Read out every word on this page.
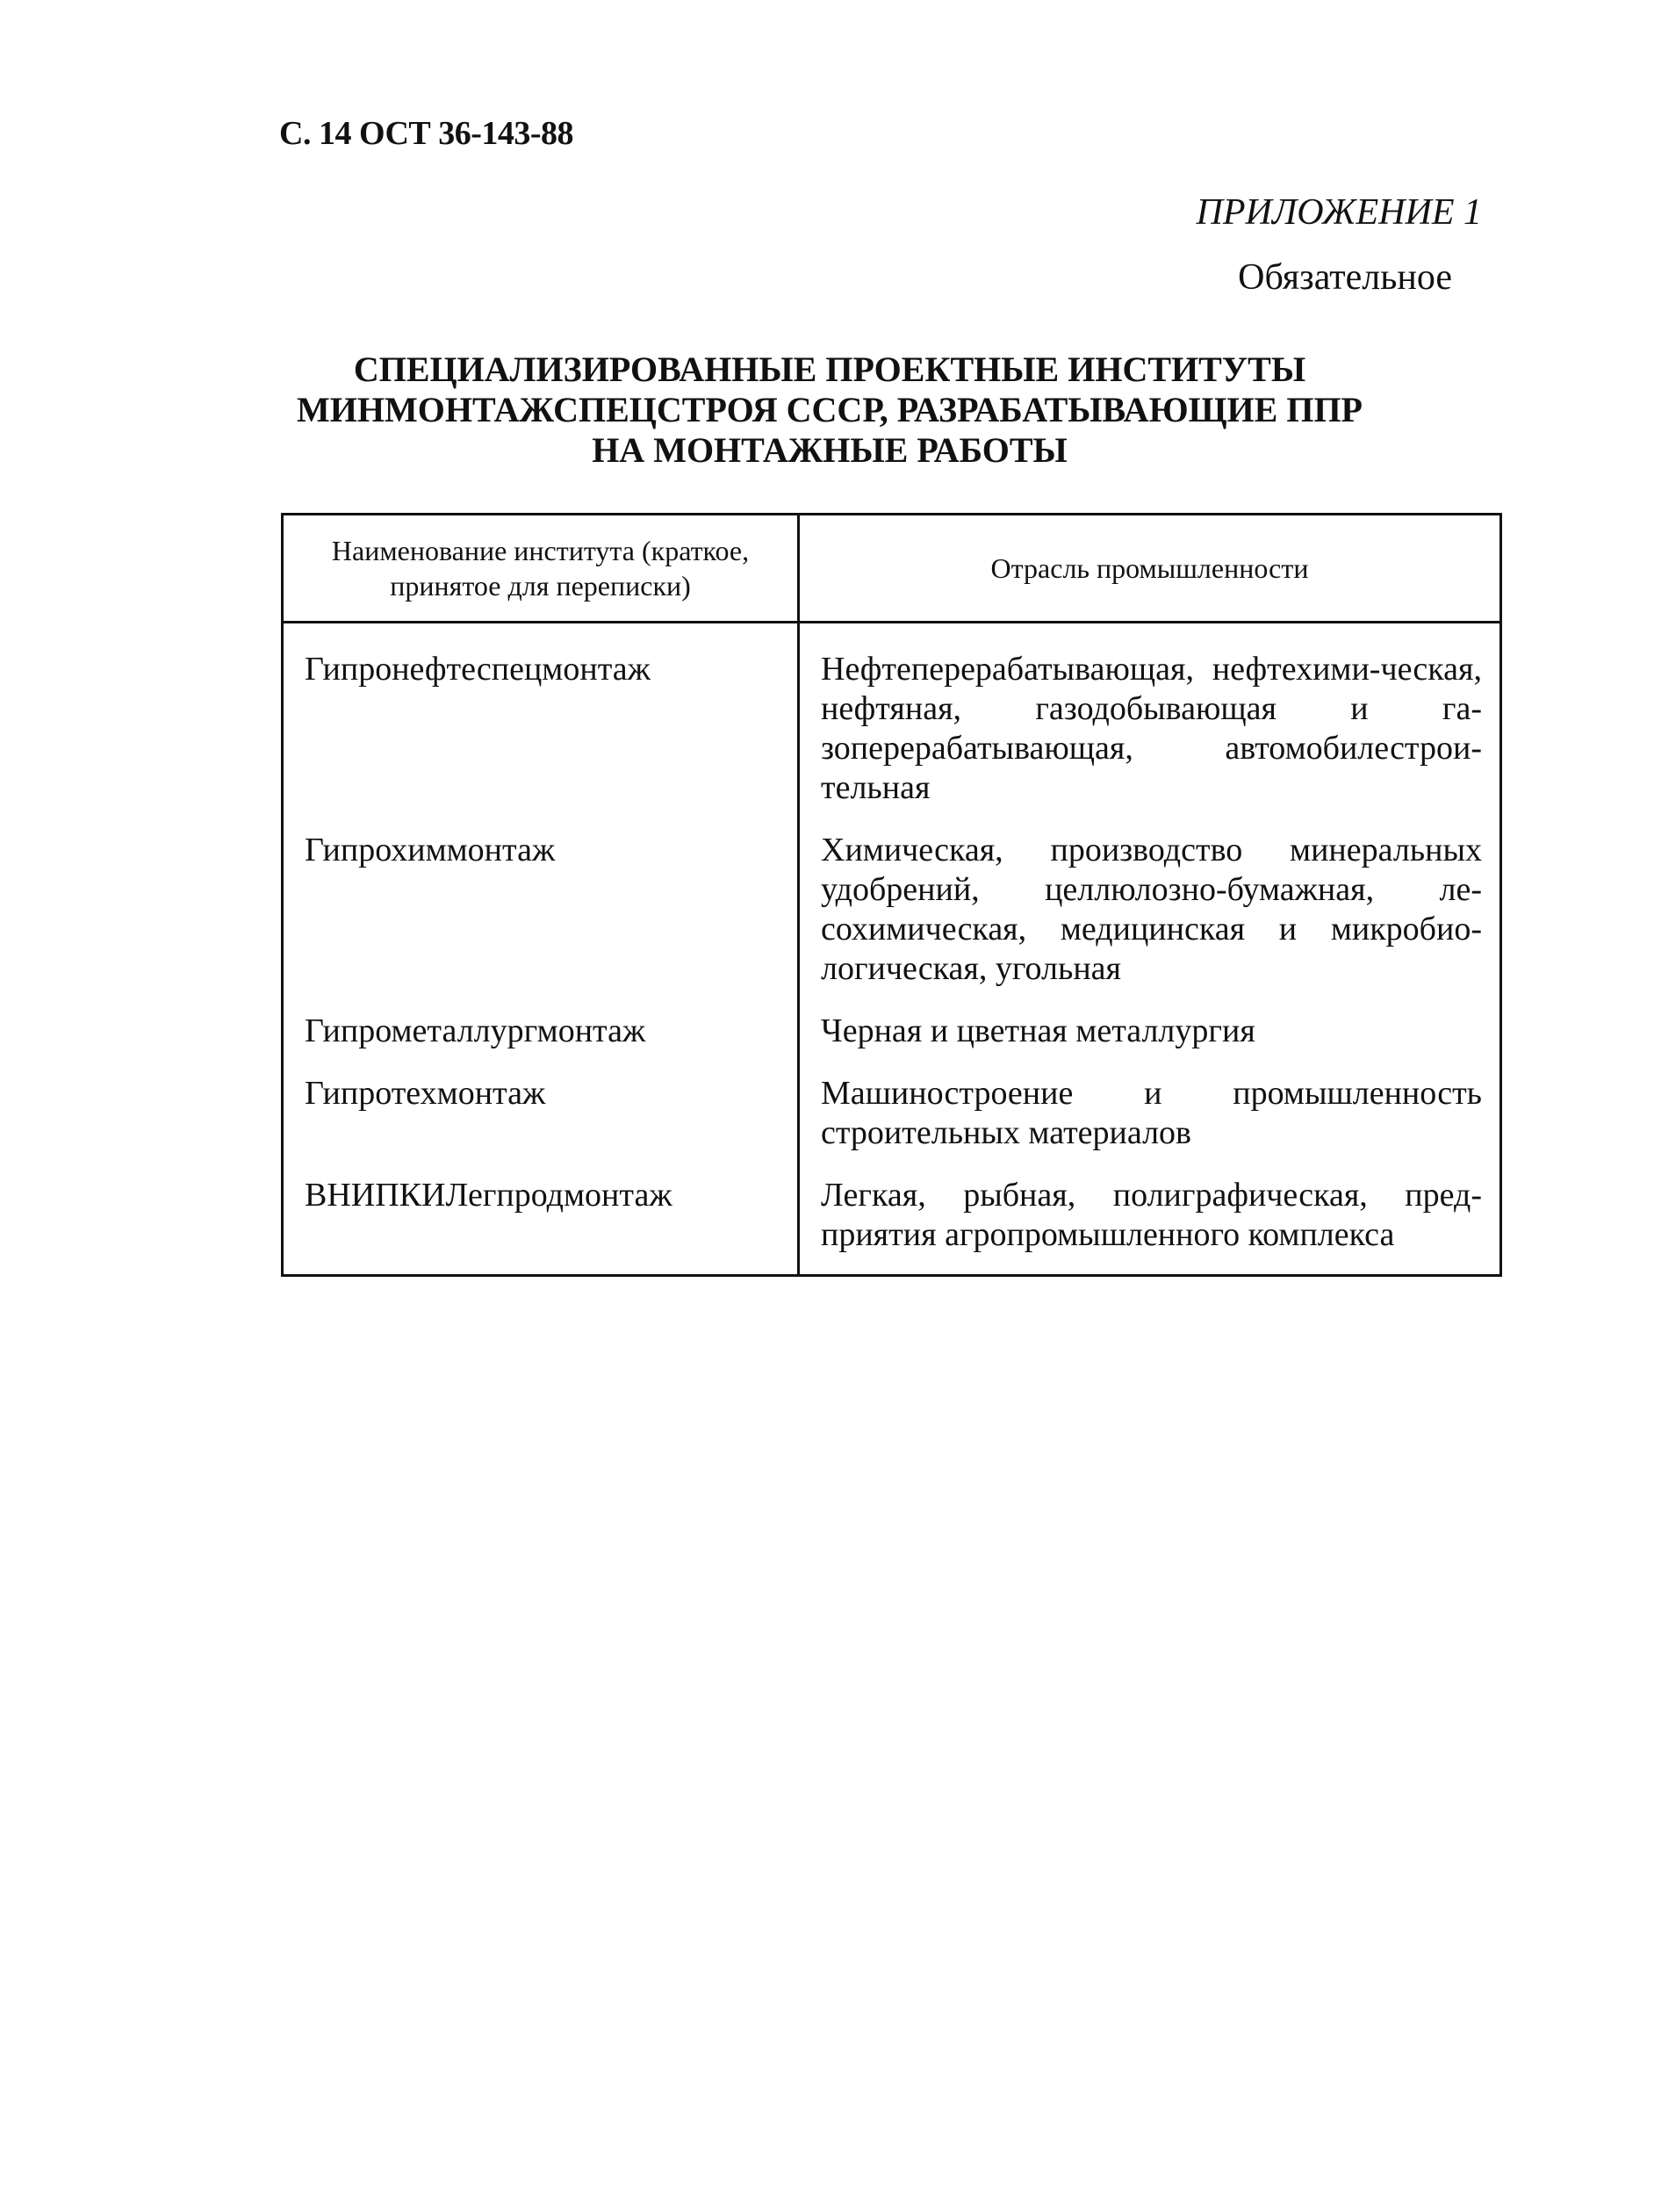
С. 14 ОСТ 36-143-88
ПРИЛОЖЕНИЕ 1
Обязательное
СПЕЦИАЛИЗИРОВАННЫЕ ПРОЕКТНЫЕ ИНСТИТУТЫ
МИНМОНТАЖСПЕЦСТРОЯ СССР, РАЗРАБАТЫВАЮЩИЕ ППР
НА МОНТАЖНЫЕ РАБОТЫ
Наименование института (краткое,
принятое для переписки)	Отрасль промышленности
Гипронефтеспецмонтаж	Нефтеперерабатывающая, нефтехими-ческая, нефтяная, газодобывающая и га-зоперерабатывающая, автомобилестрои-тельная
Гипрохиммонтаж	Химическая, производство минеральных удобрений, целлюлозно-бумажная, ле-сохимическая, медицинская и микробио-логическая, угольная
Гипрометаллургмонтаж	Черная и цветная металлургия
Гипротехмонтаж	Машиностроение и промышленность строительных материалов
ВНИПКИЛегпродмонтаж	Легкая, рыбная, полиграфическая, пред-приятия агропромышленного комплекса
